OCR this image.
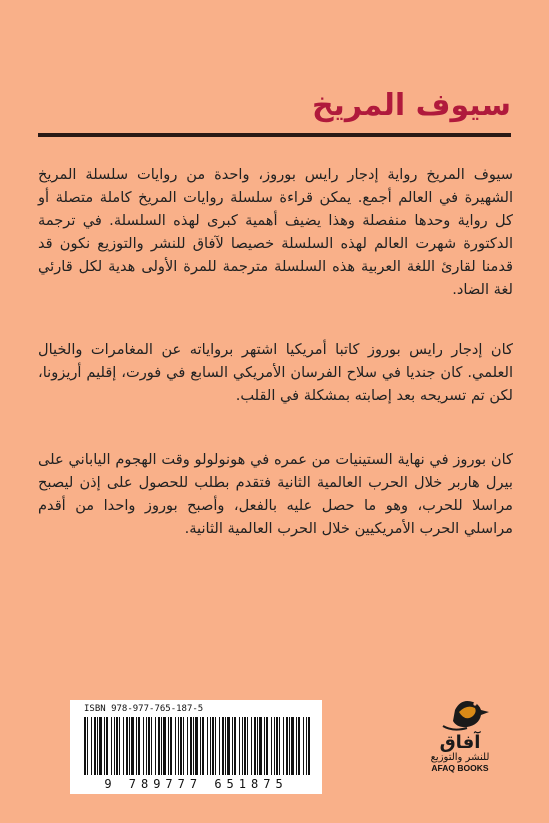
سيوف المريخ

سيوف المريخ رواية إدجار رايس بوروز، واحدة من روايات سلسلة المريخ الشهيرة في العالم أجمع. يمكن قراءة سلسلة روايات المريخ كاملة متصلة أو كل رواية وحدها منفصلة وهذا يضيف أهمية كبرى لهذه السلسلة. في ترجمة الدكتورة شهرت العالم لهذه السلسلة خصيصا لآفاق للنشر والتوزيع نكون قد قدمنا لقارئ اللغة العربية هذه السلسلة مترجمة للمرة الأولى هدية لكل قارئي لغة الضاد.

كان إدجار رايس بوروز كاتبا أمريكيا اشتهر برواياته عن المغامرات والخيال العلمي. كان جنديا في سلاح الفرسان الأمريكي السابع في فورت، إقليم أريزونا، لكن تم تسريحه بعد إصابته بمشكلة في القلب.

كان بوروز في نهاية الستينيات من عمره في هونولولو وقت الهجوم الياباني على بيرل هاربر خلال الحرب العالمية الثانية فتقدم بطلب للحصول على إذن ليصبح مراسلا للحرب، وهو ما حصل عليه بالفعل، وأصبح بوروز واحدا من أقدم مراسلي الحرب الأمريكيين خلال الحرب العالمية الثانية.

ISBN 978-977-765-187-5
9 789777 651875
آفاق
للنشر والتوزيع
AFAQ BOOKS
